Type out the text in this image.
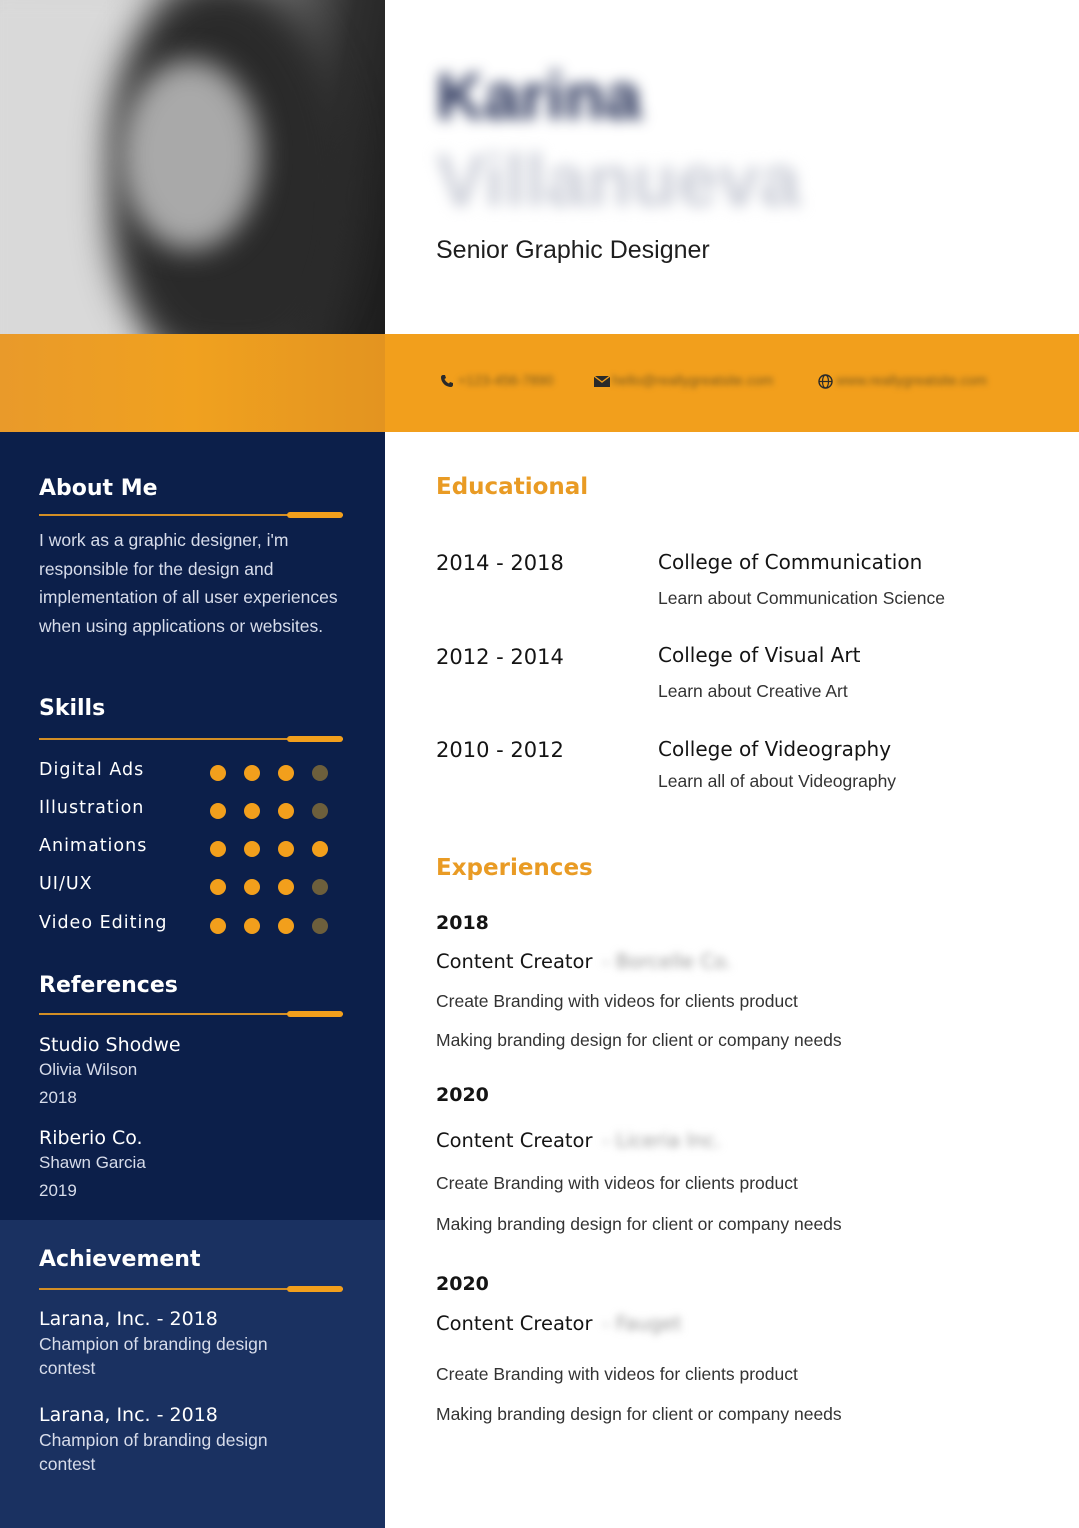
Karina
Villanueva
Senior Graphic Designer
+123-456-7890	hello@reallygreatsite.com	www.reallygreatsite.com
About Me
I work as a graphic designer, i'm responsible for the design and implementation of all user experiences when using applications or websites.
Skills
Digital Ads
Illustration
Animations
UI/UX
Video Editing
References
Studio Shodwe
Olivia Wilson
2018
Riberio Co.
Shawn Garcia
2019
Achievement
Larana, Inc. - 2018
Champion of branding design contest
Larana, Inc. - 2018
Champion of branding design contest
Educational
2014 - 2018	College of Communication
Learn about Communication Science
2012 - 2014	College of Visual Art
Learn about Creative Art
2010 - 2012	College of Videography
Learn all of about Videography
Experiences
2018
Content Creator - Borcelle Co.
Create Branding with videos for clients product
Making branding design for client or company needs
2020
Content Creator - Liceria Inc.
Create Branding with videos for clients product
Making branding design for client or company needs
2020
Content Creator - Fauget
Create Branding with videos for clients product
Making branding design for client or company needs
